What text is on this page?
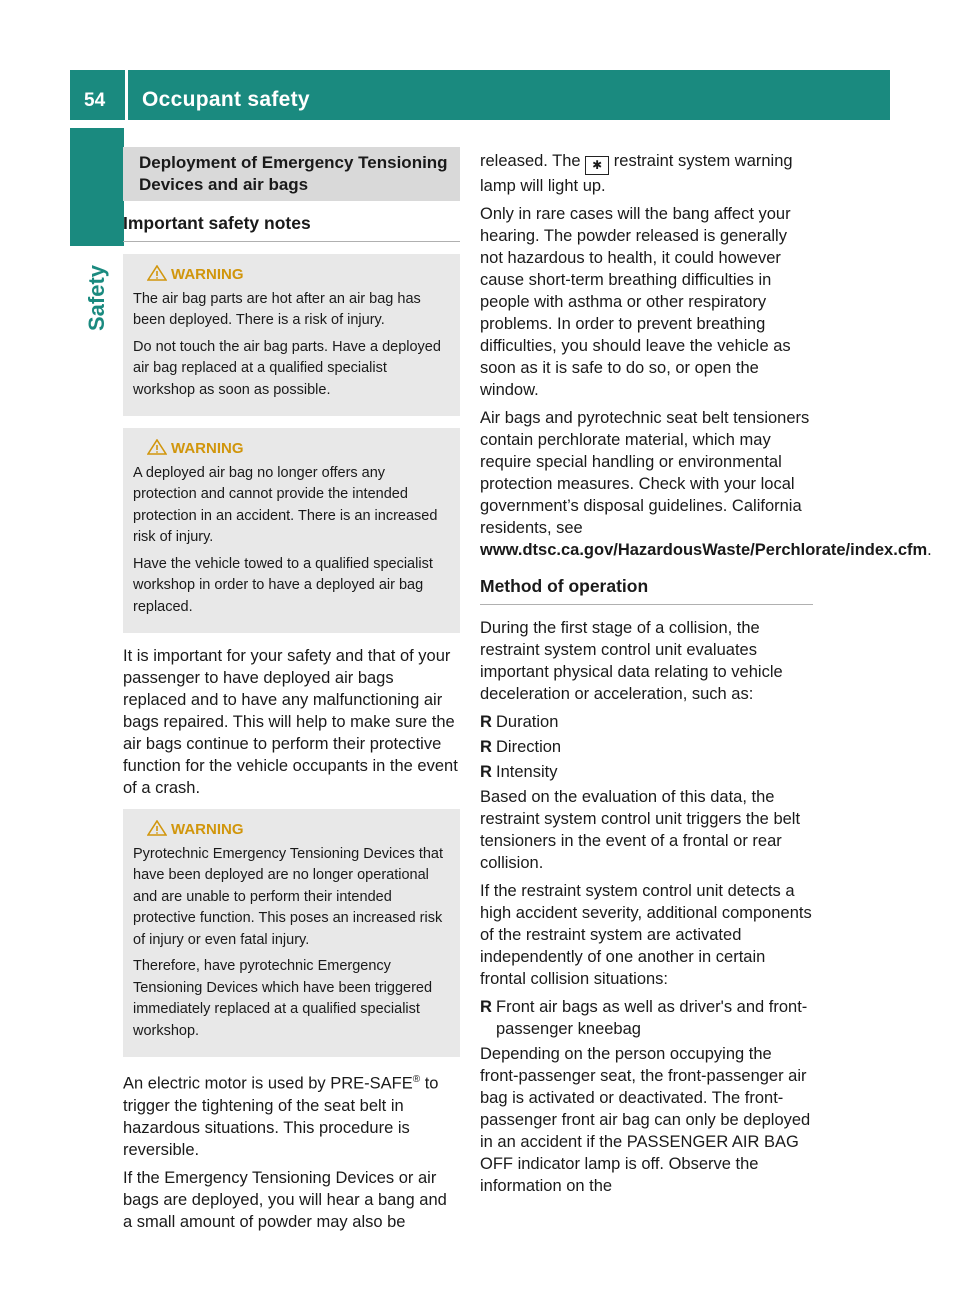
54 Occupant safety
Safety
Deployment of Emergency Tensioning Devices and air bags
Important safety notes
WARNING

The air bag parts are hot after an air bag has been deployed. There is a risk of injury.

Do not touch the air bag parts. Have a deployed air bag replaced at a qualified specialist workshop as soon as possible.

WARNING

A deployed air bag no longer offers any protection and cannot provide the intended protection in an accident. There is an increased risk of injury.

Have the vehicle towed to a qualified specialist workshop in order to have a deployed air bag replaced.

It is important for your safety and that of your passenger to have deployed air bags replaced and to have any malfunctioning air bags repaired. This will help to make sure the air bags continue to perform their protective function for the vehicle occupants in the event of a crash.

WARNING

Pyrotechnic Emergency Tensioning Devices that have been deployed are no longer operational and are unable to perform their intended protective function. This poses an increased risk of injury or even fatal injury.

Therefore, have pyrotechnic Emergency Tensioning Devices which have been triggered immediately replaced at a qualified specialist workshop.

An electric motor is used by PRE-SAFE® to trigger the tightening of the seat belt in hazardous situations. This procedure is reversible.

If the Emergency Tensioning Devices or air bags are deployed, you will hear a bang and a small amount of powder may also be

released. The ✱ restraint system warning lamp will light up.

Only in rare cases will the bang affect your hearing. The powder released is generally not hazardous to health, it could however cause short-term breathing difficulties in people with asthma or other respiratory problems. In order to prevent breathing difficulties, you should leave the vehicle as soon as it is safe to do so, or open the window.

Air bags and pyrotechnic seat belt tensioners contain perchlorate material, which may require special handling or environmental protection measures. Check with your local government’s disposal guidelines. California residents, see www.dtsc.ca.gov/HazardousWaste/Perchlorate/index.cfm.

Method of operation

During the first stage of a collision, the restraint system control unit evaluates important physical data relating to vehicle deceleration or acceleration, such as:

R Duration
R Direction
R Intensity

Based on the evaluation of this data, the restraint system control unit triggers the belt tensioners in the event of a frontal or rear collision.

If the restraint system control unit detects a high accident severity, additional components of the restraint system are activated independently of one another in certain frontal collision situations:

R Front air bags as well as driver's and front-passenger kneebag

Depending on the person occupying the front-passenger seat, the front-passenger air bag is activated or deactivated. The front-passenger front air bag can only be deployed in an accident if the PASSENGER AIR BAG OFF indicator lamp is off. Observe the information on the
